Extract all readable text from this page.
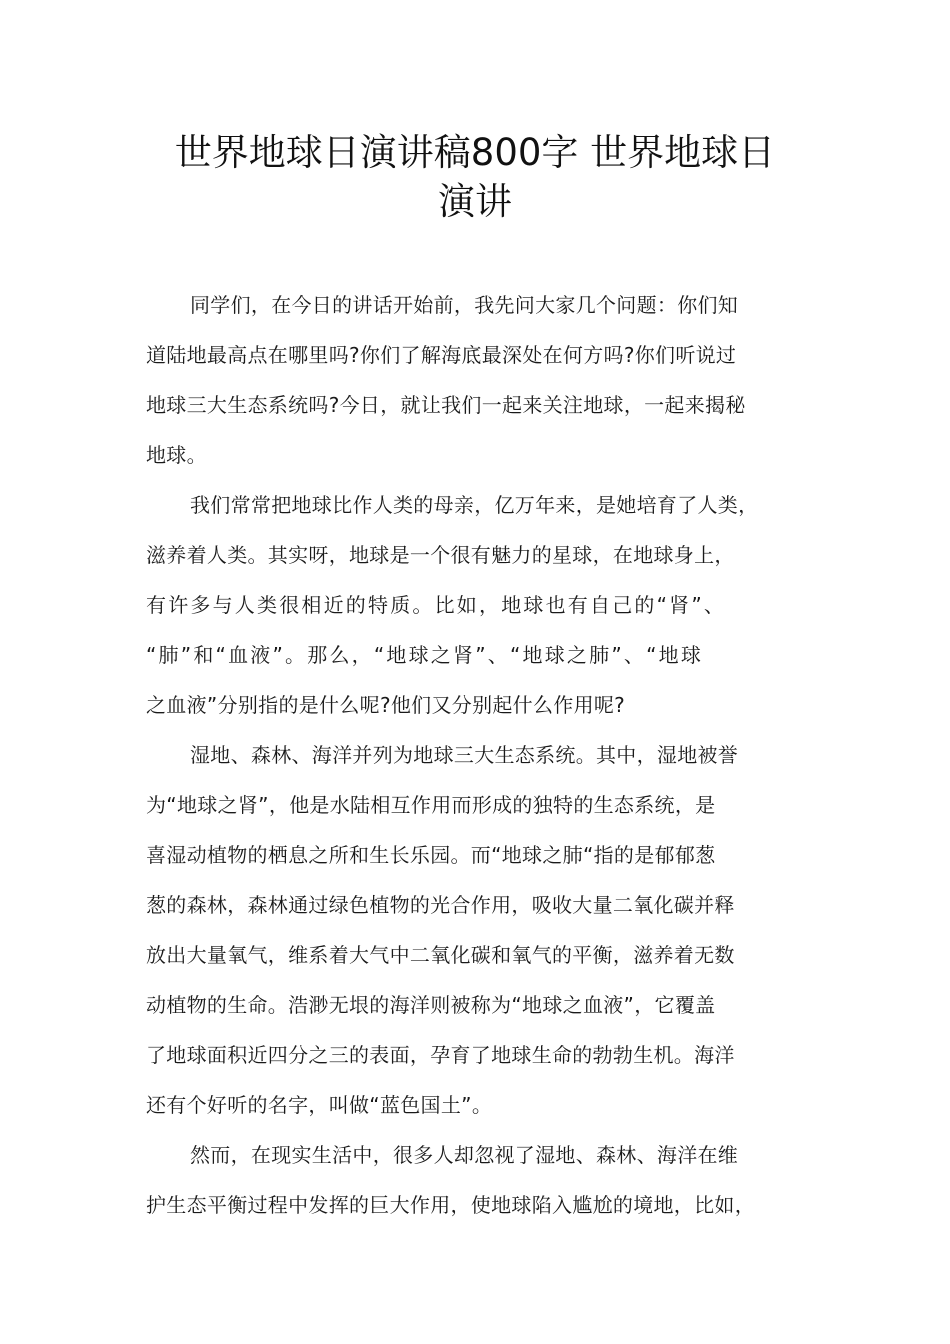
世界地球日演讲稿800字 世界地球日
演讲
同学们，在今日的讲话开始前，我先问大家几个问题：你们知
道陆地最高点在哪里吗?你们了解海底最深处在何方吗?你们听说过
地球三大生态系统吗?今日，就让我们一起来关注地球，一起来揭秘
地球。
我们常常把地球比作人类的母亲，亿万年来，是她培育了人类，
滋养着人类。其实呀，地球是一个很有魅力的星球，在地球身上，
有许多与人类很相近的特质。比如，地球也有自己的“肾”、
“肺”和“血液”。那么，“地球之肾”、“地球之肺”、“地球
之血液”分别指的是什么呢?他们又分别起什么作用呢?
湿地、森林、海洋并列为地球三大生态系统。其中，湿地被誉
为“地球之肾”，他是水陆相互作用而形成的独特的生态系统，是
喜湿动植物的栖息之所和生长乐园。而“地球之肺“指的是郁郁葱
葱的森林，森林通过绿色植物的光合作用，吸收大量二氧化碳并释
放出大量氧气，维系着大气中二氧化碳和氧气的平衡，滋养着无数
动植物的生命。浩渺无垠的海洋则被称为“地球之血液”，它覆盖
了地球面积近四分之三的表面，孕育了地球生命的勃勃生机。海洋
还有个好听的名字，叫做“蓝色国土”。
然而，在现实生活中，很多人却忽视了湿地、森林、海洋在维
护生态平衡过程中发挥的巨大作用，使地球陷入尴尬的境地，比如，
